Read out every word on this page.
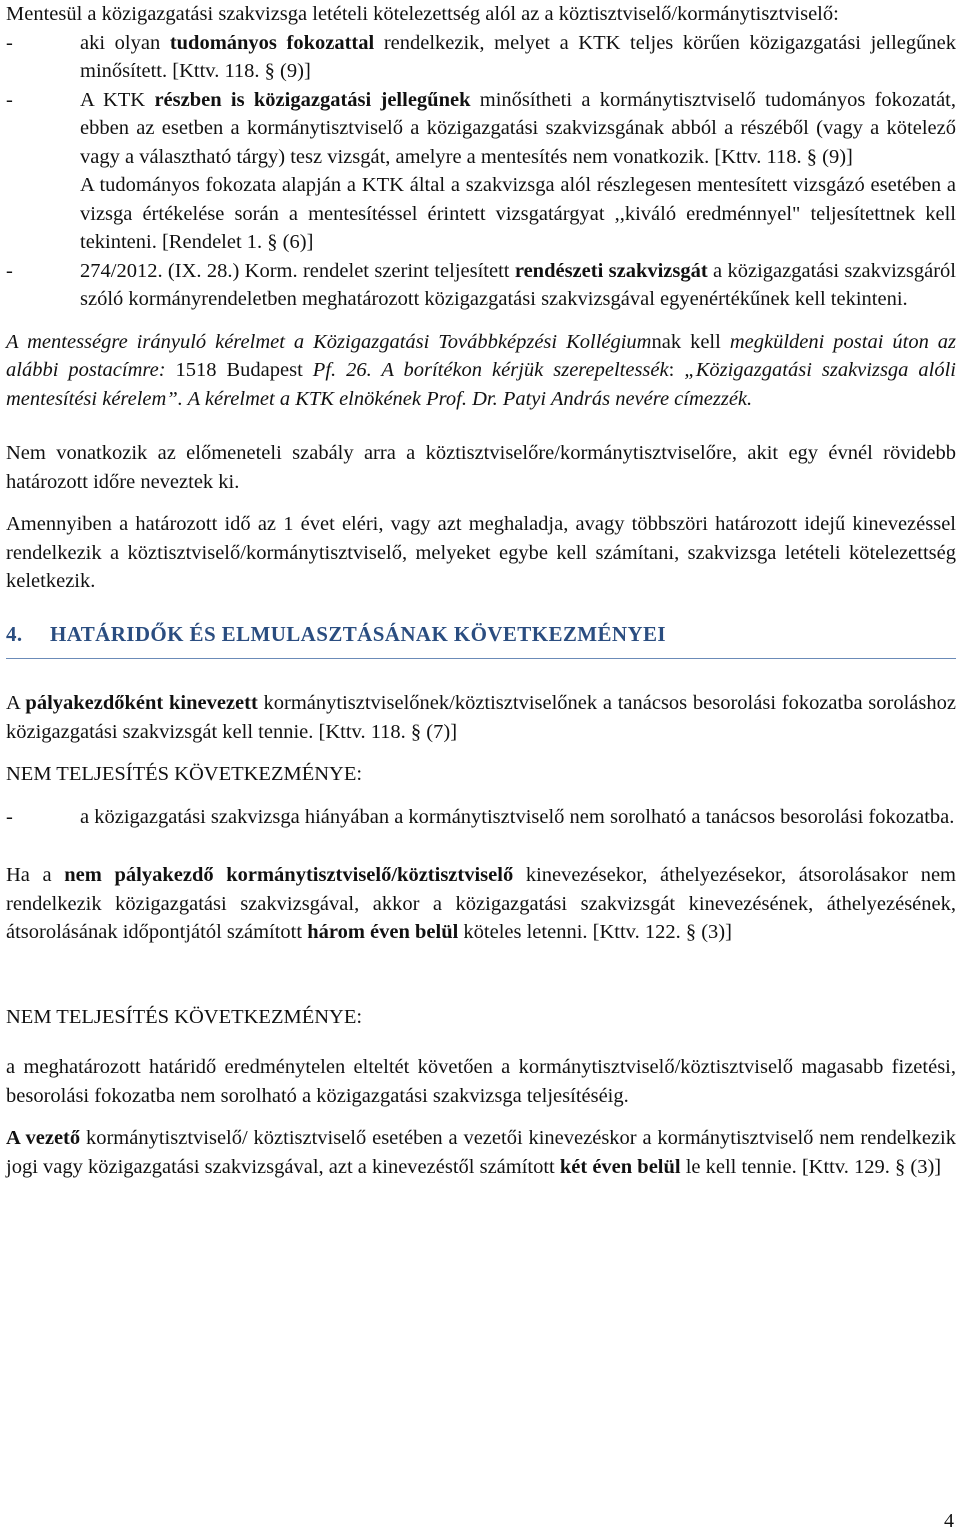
Mentesül a közigazgatási szakvizsga letételi kötelezettség alól az a köztisztviselő/kormánytisztviselő:

-	aki olyan tudományos fokozattal rendelkezik, melyet a KTK teljes körűen közigazgatási jellegűnek minősített. [Kttv. 118. § (9)]
-	A KTK részben is közigazgatási jellegűnek minősítheti a kormánytisztviselő tudományos fokozatát, ebben az esetben a kormánytisztviselő a közigazgatási szakvizsgának abból a részéből (vagy a kötelező vagy a választható tárgy) tesz vizsgát, amelyre a mentesítés nem vonatkozik. [Kttv. 118. § (9)]
A tudományos fokozata alapján a KTK által a szakvizsga alól részlegesen mentesített vizsgázó esetében a vizsga értékelése során a mentesítéssel érintett vizsgatárgyat ,,kiváló eredménnyel" teljesítettnek kell tekinteni. [Rendelet 1. § (6)]
-	274/2012. (IX. 28.) Korm. rendelet szerint teljesített rendészeti szakvizsgát a közigazgatási szakvizsgáról szóló kormányrendeletben meghatározott közigazgatási szakvizsgával egyenértékűnek kell tekinteni.

A mentességre irányuló kérelmet a Közigazgatási Továbbképzési Kollégiumnak kell megküldeni postai úton az alábbi postacímre: 1518 Budapest Pf. 26. A borítékon kérjük szerepeltessék: „Közigazgatási szakvizsga alóli mentesítési kérelem”. A kérelmet a KTK elnökének Prof. Dr. Patyi András nevére címezzék.

Nem vonatkozik az előmeneteli szabály arra a köztisztviselőre/kormánytisztviselőre, akit egy évnél rövidebb határozott időre neveztek ki.

Amennyiben a határozott idő az 1 évet eléri, vagy azt meghaladja, avagy többszöri határozott idejű kinevezéssel rendelkezik a köztisztviselő/kormánytisztviselő, melyeket egybe kell számítani, szakvizsga letételi kötelezettség keletkezik.

4.	HATÁRIDŐK ÉS ELMULASZTÁSÁNAK KÖVETKEZMÉNYEI

A pályakezdőként kinevezett kormánytisztviselőnek/köztisztviselőnek a tanácsos besorolási fokozatba soroláshoz közigazgatási szakvizsgát kell tennie. [Kttv. 118. § (7)]

NEM TELJESÍTÉS KÖVETKEZMÉNYE:

-	a közigazgatási szakvizsga hiányában a kormánytisztviselő nem sorolható a tanácsos besorolási fokozatba.

Ha a nem pályakezdő kormánytisztviselő/köztisztviselő kinevezésekor, áthelyezésekor, átsorolásakor nem rendelkezik közigazgatási szakvizsgával, akkor a közigazgatási szakvizsgát kinevezésének, áthelyezésének, átsorolásának időpontjától számított három éven belül köteles letenni. [Kttv. 122. § (3)]

NEM TELJESÍTÉS KÖVETKEZMÉNYE:

a meghatározott határidő eredménytelen elteltét követően a kormánytisztviselő/köztisztviselő magasabb fizetési, besorolási fokozatba nem sorolható a közigazgatási szakvizsga teljesítéséig.

A vezető kormánytisztviselő/ köztisztviselő esetében a vezetői kinevezéskor a kormánytisztviselő nem rendelkezik jogi vagy közigazgatási szakvizsgával, azt a kinevezéstől számított két éven belül le kell tennie. [Kttv. 129. § (3)]

4
